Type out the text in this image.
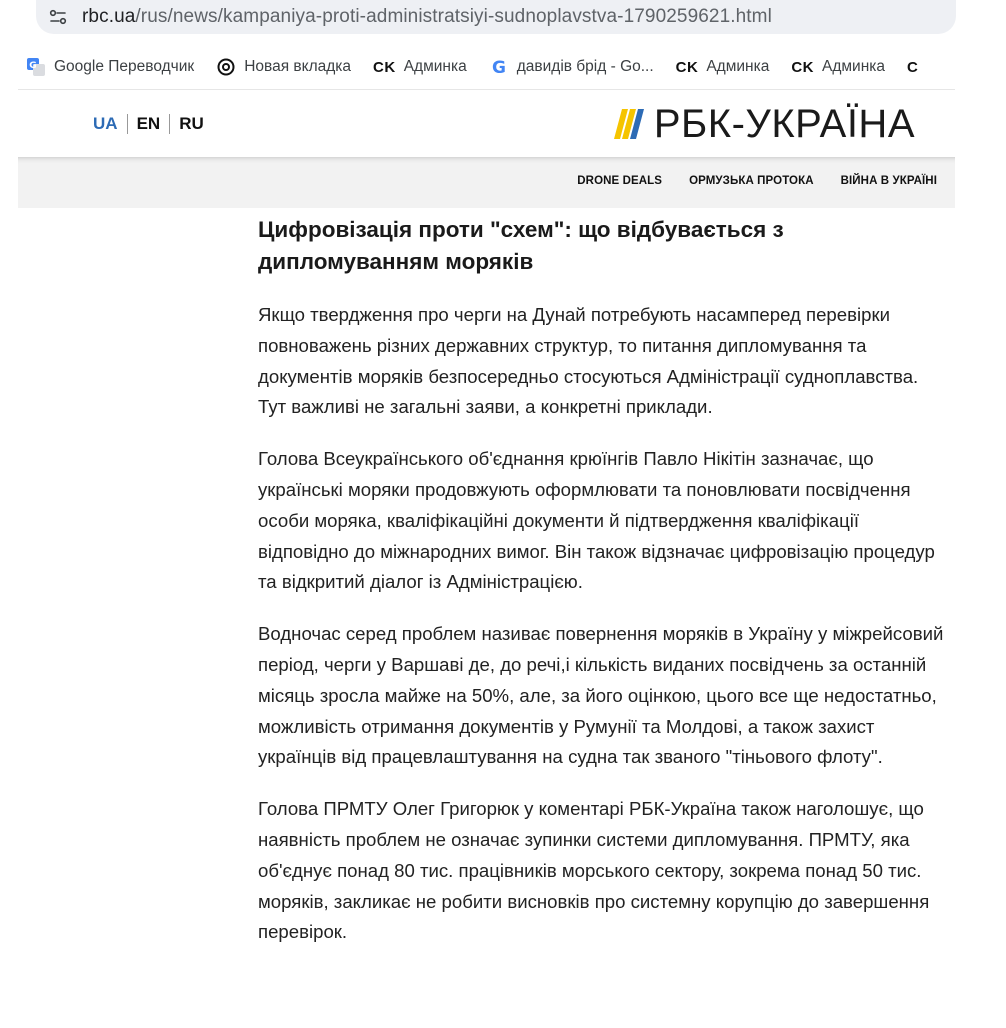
rbc.ua/rus/news/kampaniya-proti-administratsiyi-sudnoplavstva-1790259621.html
G Google Переводчик	Новая вкладка CK Админка G давидів брід - Go... CK Админка CK Админка C
UA EN RU	РБК-УКРАЇНА
DRONE DEALS ОРМУЗЬКА ПРОТОКА ВІЙНА В УКРАЇНІ
Цифровізація проти "схем": що відбувається з дипломуванням моряків

Якщо твердження про черги на Дунай потребують насамперед перевірки повноважень різних державних структур, то питання дипломування та документів моряків безпосередньо стосуються Адміністрації судноплавства. Тут важливі не загальні заяви, а конкретні приклади.

Голова Всеукраїнського об'єднання крюїнгів Павло Нікітін зазначає, що українські моряки продовжують оформлювати та поновлювати посвідчення особи моряка, кваліфікаційні документи й підтвердження кваліфікації відповідно до міжнародних вимог. Він також відзначає цифровізацію процедур та відкритий діалог із Адміністрацією.

Водночас серед проблем називає повернення моряків в Україну у міжрейсовий період, черги у Варшаві де, до речі,і кількість виданих посвідчень за останній місяць зросла майже на 50%, але, за його оцінкою, цього все ще недостатньо, можливість отримання документів у Румунії та Молдові, а також захист українців від працевлаштування на судна так званого "тіньового флоту".

Голова ПРМТУ Олег Григорюк у коментарі РБК-Україна також наголошує, що наявність проблем не означає зупинки системи дипломування. ПРМТУ, яка об'єднує понад 80 тис. працівників морського сектору, зокрема понад 50 тис. моряків, закликає не робити висновків про системну корупцію до завершення перевірок.
